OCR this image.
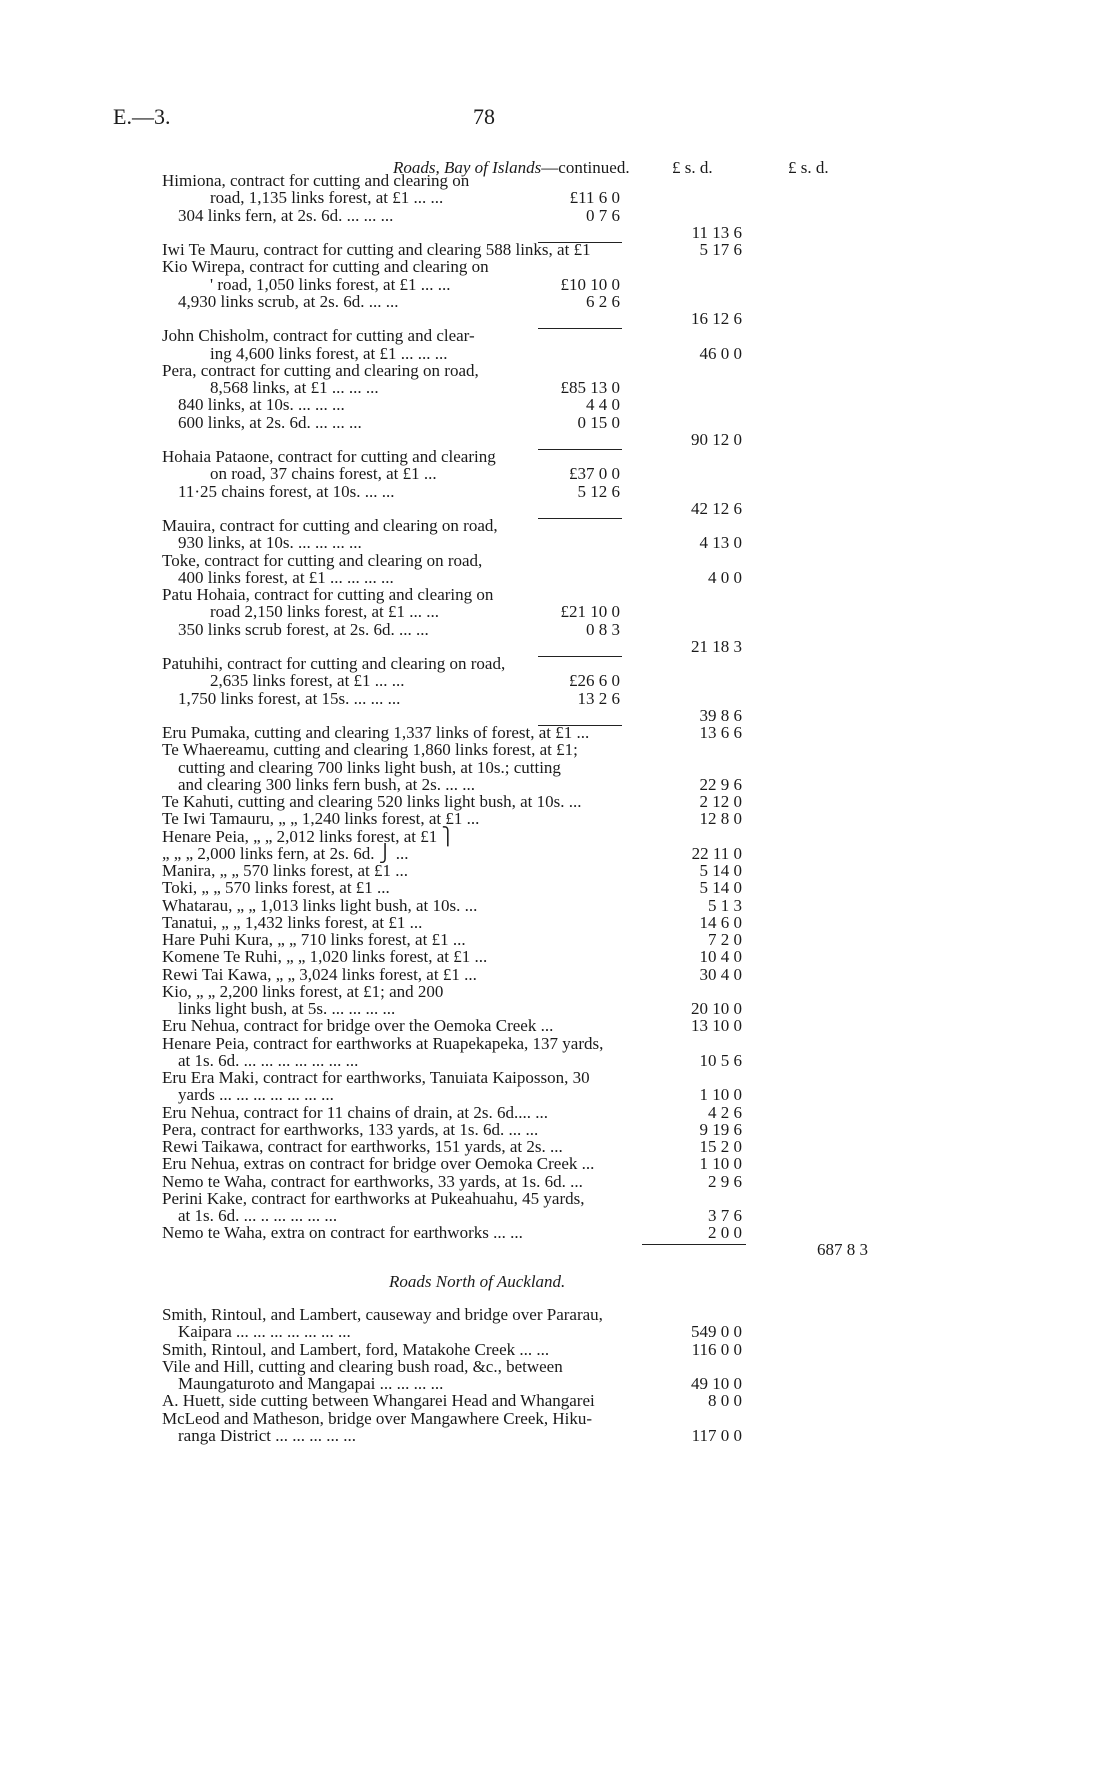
E.—3.	78
Roads, Bay of Islands—continued. £ s. d.	£ s. d.
Himiona, contract for cutting and clearing on
road, 1,135 links forest, at £1 ... ...	£11 6 0
304 links fern, at 2s. 6d. ... ... ...	0 7 6
11 13 6
Iwi Te Mauru, contract for cutting and clearing 588 links, at £1	5 17 6
Kio Wirepa, contract for cutting and clearing on
' road, 1,050 links forest, at £1 ... ...	£10 10 0
4,930 links scrub, at 2s. 6d. ... ...	6 2 6
16 12 6
John Chisholm, contract for cutting and clear-
ing 4,600 links forest, at £1 ... ... ...	46 0 0
Pera, contract for cutting and clearing on road,
8,568 links, at £1 ... ... ...	£85 13 0
840 links, at 10s. ... ... ...	4 4 0
600 links, at 2s. 6d. ... ... ...	0 15 0
90 12 0
Hohaia Pataone, contract for cutting and clearing
on road, 37 chains forest, at £1 ...	£37 0 0
11·25 chains forest, at 10s. ... ...	5 12 6
42 12 6
Mauira, contract for cutting and clearing on road,
930 links, at 10s. ... ... ... ...	4 13 0
Toke, contract for cutting and clearing on road,
400 links forest, at £1 ... ... ... ...	4 0 0
Patu Hohaia, contract for cutting and clearing on
road 2,150 links forest, at £1 ... ...	£21 10 0
350 links scrub forest, at 2s. 6d. ... ...	0 8 3
21 18 3
Patuhihi, contract for cutting and clearing on road,
2,635 links forest, at £1 ... ...	£26 6 0
1,750 links forest, at 15s. ... ... ...	13 2 6
39 8 6
Eru Pumaka, cutting and clearing 1,337 links of forest, at £1 ...	13 6 6
Te Whaereamu, cutting and clearing 1,860 links forest, at £1;
cutting and clearing 700 links light bush, at 10s.; cutting
and clearing 300 links fern bush, at 2s. ... ...	22 9 6
Te Kahuti, cutting and clearing 520 links light bush, at 10s. ...	2 12 0
Te Iwi Tamauru, „ „ 1,240 links forest, at £1 ...	12 8 0
Henare Peia, „ „ 2,012 links forest, at £1 ⎫
„ „ „ 2,000 links fern, at 2s. 6d. ⎭ ...	22 11 0
Manira, „ „ 570 links forest, at £1 ...	5 14 0
Toki, „ „ 570 links forest, at £1 ...	5 14 0
Whatarau, „ „ 1,013 links light bush, at 10s. ...	5 1 3
Tanatui, „ „ 1,432 links forest, at £1 ...	14 6 0
Hare Puhi Kura, „ „ 710 links forest, at £1 ...	7 2 0
Komene Te Ruhi, „ „ 1,020 links forest, at £1 ...	10 4 0
Rewi Tai Kawa, „ „ 3,024 links forest, at £1 ...	30 4 0
Kio, „ „ 2,200 links forest, at £1; and 200
links light bush, at 5s. ... ... ... ...	20 10 0
Eru Nehua, contract for bridge over the Oemoka Creek ...	13 10 0
Henare Peia, contract for earthworks at Ruapekapeka, 137 yards,
at 1s. 6d. ... ... ... ... ... ... ...	10 5 6
Eru Era Maki, contract for earthworks, Tanuiata Kaiposson, 30
yards ... ... ... ... ... ... ...	1 10 0
Eru Nehua, contract for 11 chains of drain, at 2s. 6d.... ...	4 2 6
Pera, contract for earthworks, 133 yards, at 1s. 6d. ... ...	9 19 6
Rewi Taikawa, contract for earthworks, 151 yards, at 2s. ...	15 2 0
Eru Nehua, extras on contract for bridge over Oemoka Creek ...	1 10 0
Nemo te Waha, contract for earthworks, 33 yards, at 1s. 6d. ...	2 9 6
Perini Kake, contract for earthworks at Pukeahuahu, 45 yards,
at 1s. 6d. ... .. ... ... ... ...	3 7 6
Nemo te Waha, extra on contract for earthworks ... ...	2 0 0
687 8 3
Roads North of Auckland.
Smith, Rintoul, and Lambert, causeway and bridge over Pararau,
Kaipara ... ... ... ... ... ... ...	549 0 0
Smith, Rintoul, and Lambert, ford, Matakohe Creek ... ...	116 0 0
Vile and Hill, cutting and clearing bush road, &c., between
Maungaturoto and Mangapai ... ... ... ...	49 10 0
A. Huett, side cutting between Whangarei Head and Whangarei	8 0 0
McLeod and Matheson, bridge over Mangawhere Creek, Hiku-
ranga District ... ... ... ... ...	117 0 0
